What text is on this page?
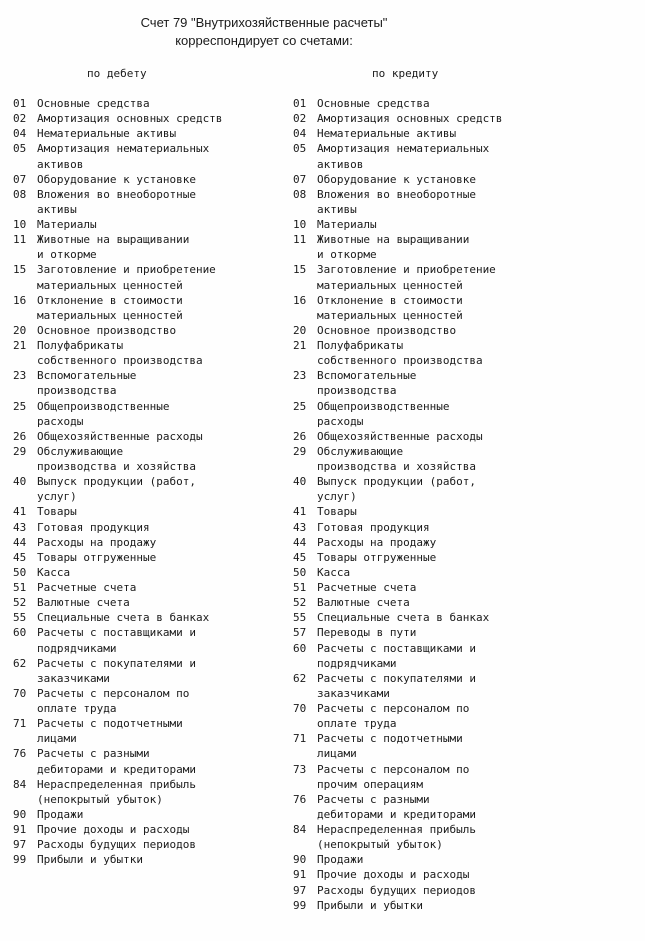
Счет 79 "Внутрихозяйственные расчеты"
корреспондирует со счетами:
по дебету	по кредиту
01 Основные средства
02 Амортизация основных средств
04 Нематериальные активы
05 Амортизация нематериальных
активов
07 Оборудование к установке
08 Вложения во внеоборотные
активы
10 Материалы
11 Животные на выращивании
и откорме
15 Заготовление и приобретение
материальных ценностей
16 Отклонение в стоимости
материальных ценностей
20 Основное производство
21 Полуфабрикаты
собственного производства
23 Вспомогательные
производства
25 Общепроизводственные
расходы
26 Общехозяйственные расходы
29 Обслуживающие
производства и хозяйства
40 Выпуск продукции (работ,
услуг)
41 Товары
43 Готовая продукция
44 Расходы на продажу
45 Товары отгруженные
50 Касса
51 Расчетные счета
52 Валютные счета
55 Специальные счета в банках
60 Расчеты с поставщиками и
подрядчиками
62 Расчеты с покупателями и
заказчиками
70 Расчеты с персоналом по
оплате труда
71 Расчеты с подотчетными
лицами
76 Расчеты с разными
дебиторами и кредиторами
84 Нераспределенная прибыль
(непокрытый убыток)
90 Продажи
91 Прочие доходы и расходы
97 Расходы будущих периодов
99 Прибыли и убытки
01 Основные средства
02 Амортизация основных средств
04 Нематериальные активы
05 Амортизация нематериальных
активов
07 Оборудование к установке
08 Вложения во внеоборотные
активы
10 Материалы
11 Животные на выращивании
и откорме
15 Заготовление и приобретение
материальных ценностей
16 Отклонение в стоимости
материальных ценностей
20 Основное производство
21 Полуфабрикаты
собственного производства
23 Вспомогательные
производства
25 Общепроизводственные
расходы
26 Общехозяйственные расходы
29 Обслуживающие
производства и хозяйства
40 Выпуск продукции (работ,
услуг)
41 Товары
43 Готовая продукция
44 Расходы на продажу
45 Товары отгруженные
50 Касса
51 Расчетные счета
52 Валютные счета
55 Специальные счета в банках
57 Переводы в пути
60 Расчеты с поставщиками и
подрядчиками
62 Расчеты с покупателями и
заказчиками
70 Расчеты с персоналом по
оплате труда
71 Расчеты с подотчетными
лицами
73 Расчеты с персоналом по
прочим операциям
76 Расчеты с разными
дебиторами и кредиторами
84 Нераспределенная прибыль
(непокрытый убыток)
90 Продажи
91 Прочие доходы и расходы
97 Расходы будущих периодов
99 Прибыли и убытки
